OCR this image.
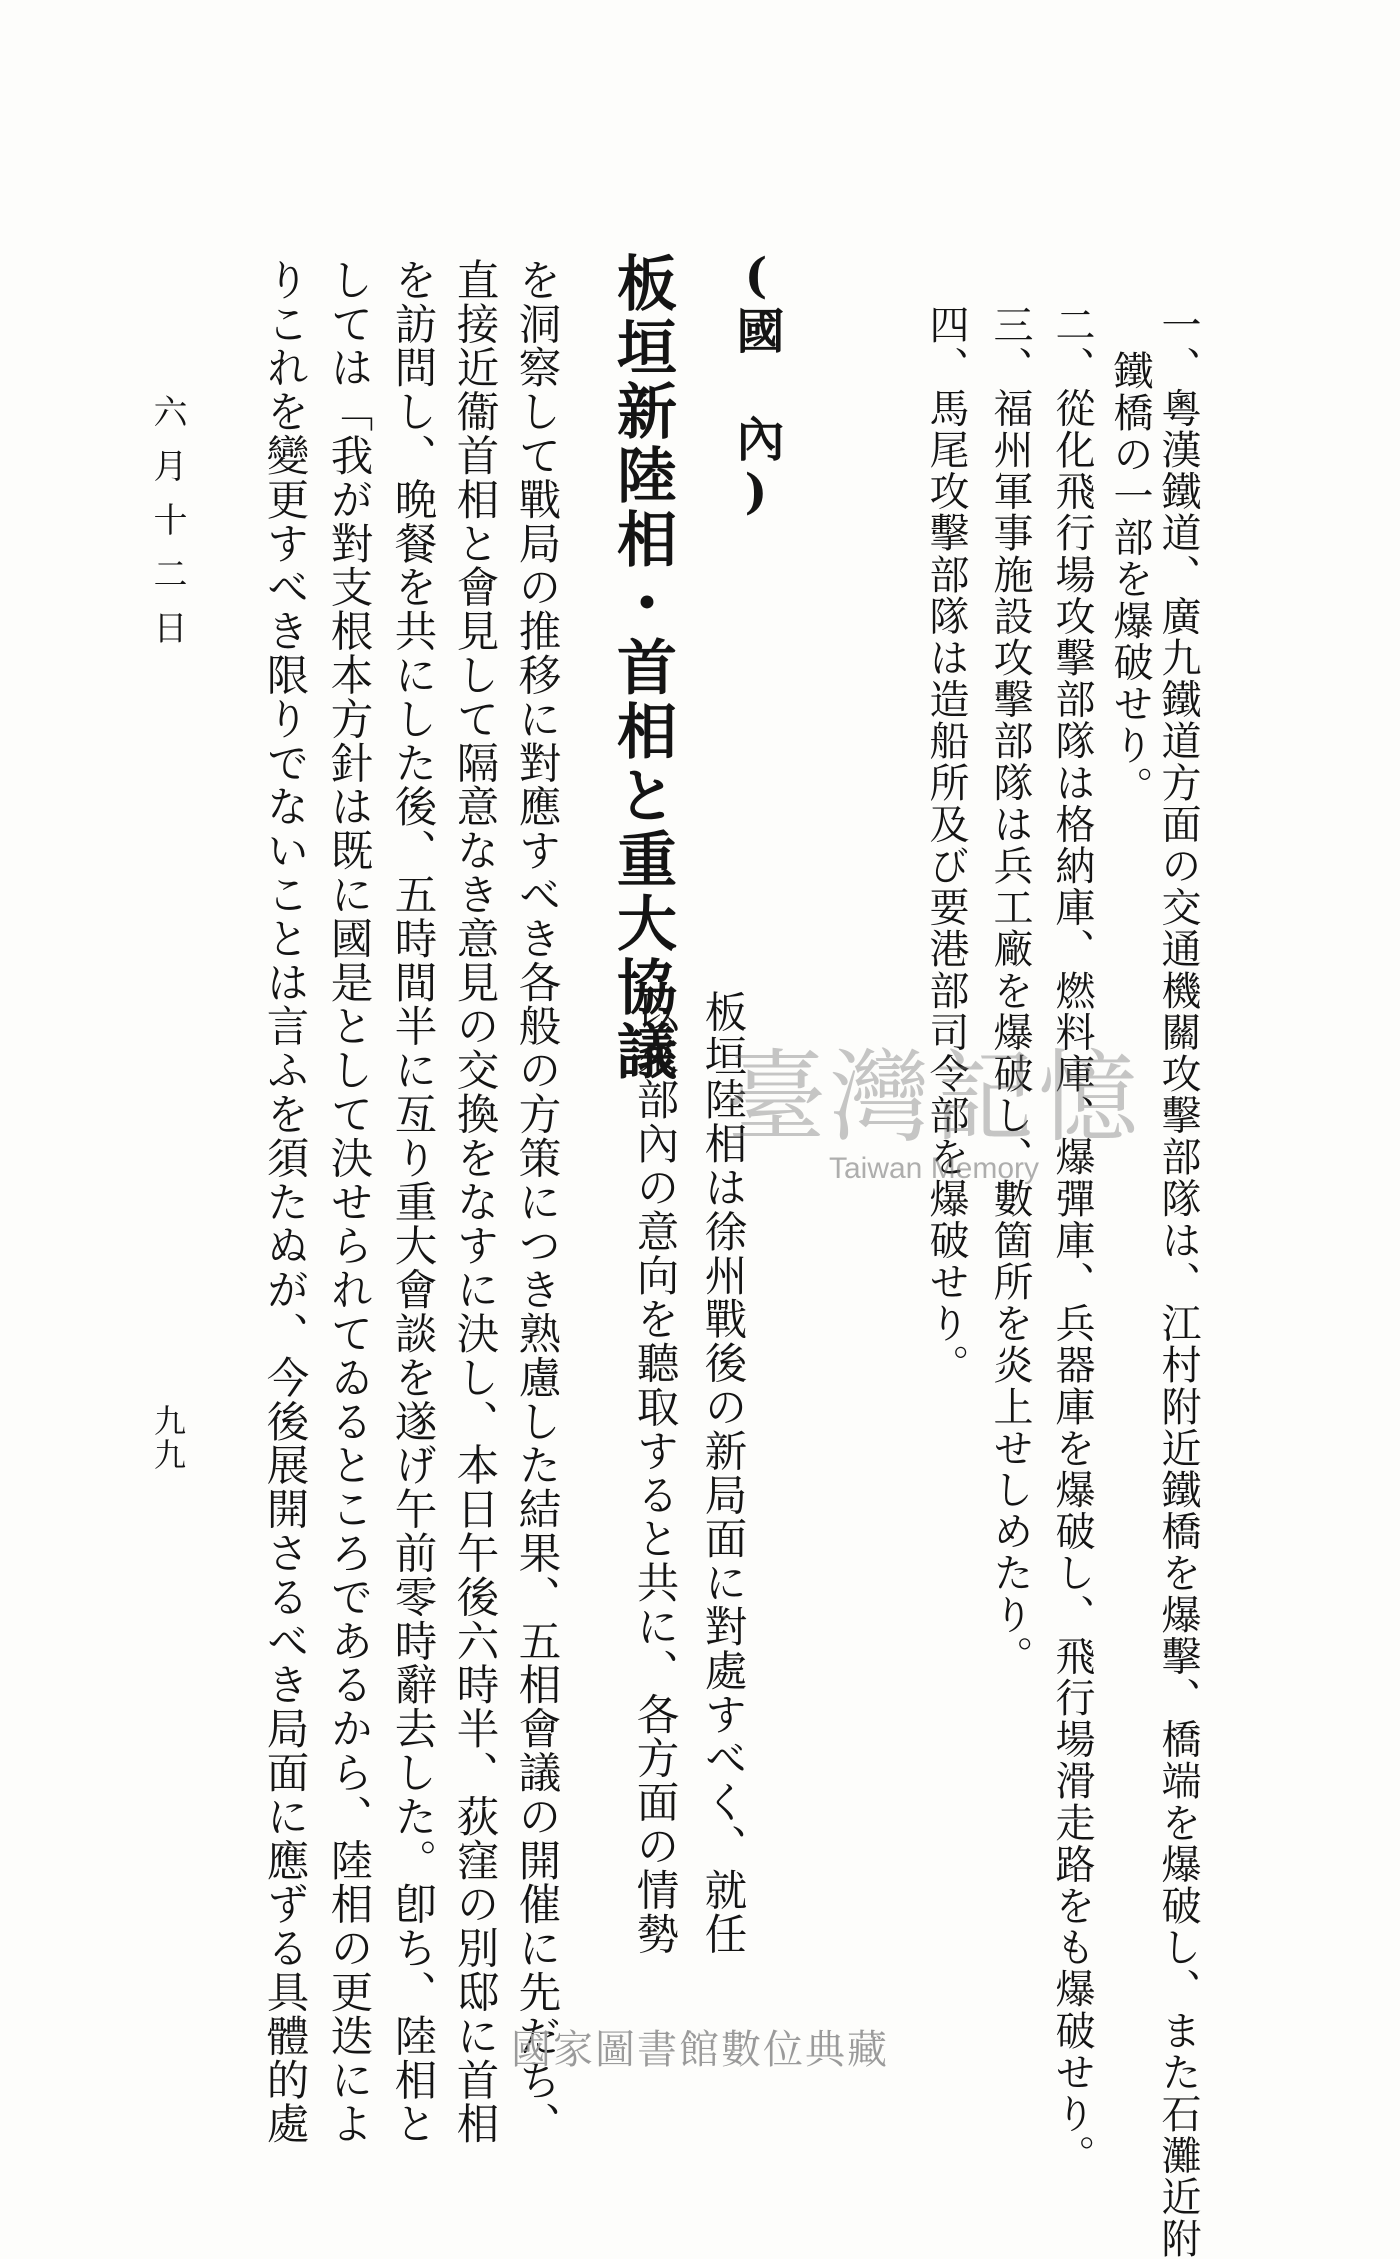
一、粵漢鐵道、廣九鐵道方面の交通機關攻擊部隊は、江村附近鐵橋を爆擊、橋端を爆破し、また石灘近附
鐵橋の一部を爆破せり。
二、從化飛行場攻擊部隊は格納庫、燃料庫、爆彈庫、兵器庫を爆破し、飛行場滑走路をも爆破せり。
三、福州軍事施設攻擊部隊は兵工廠を爆破し、數箇所を炎上せしめたり。
四、馬尾攻擊部隊は造船所及び要港部司令部を爆破せり。
板垣陸相は徐州戰後の新局面に對處すべく、就任
以來部內の意向を聽取すると共に、各方面の情勢
(國 內)
板垣新陸相・首相と重大協議
を洞察して戰局の推移に對應すべき各般の方策につき熟慮した結果、五相會議の開催に先だち、
直接近衞首相と會見して隔意なき意見の交換をなすに決し、本日午後六時半、荻窪の別邸に首相
を訪問し、晩餐を共にした後、五時間半に亙り重大會談を遂げ午前零時辭去した。卽ち、陸相と
しては「我が對支根本方針は既に國是として決せられてゐるところであるから、陸相の更迭によ
りこれを變更すべき限りでないことは言ふを須たぬが、今後展開さるべき局面に應ずる具體的處
六月十二日
九九
臺灣記憶
Taiwan Memory
國家圖書館數位典藏
